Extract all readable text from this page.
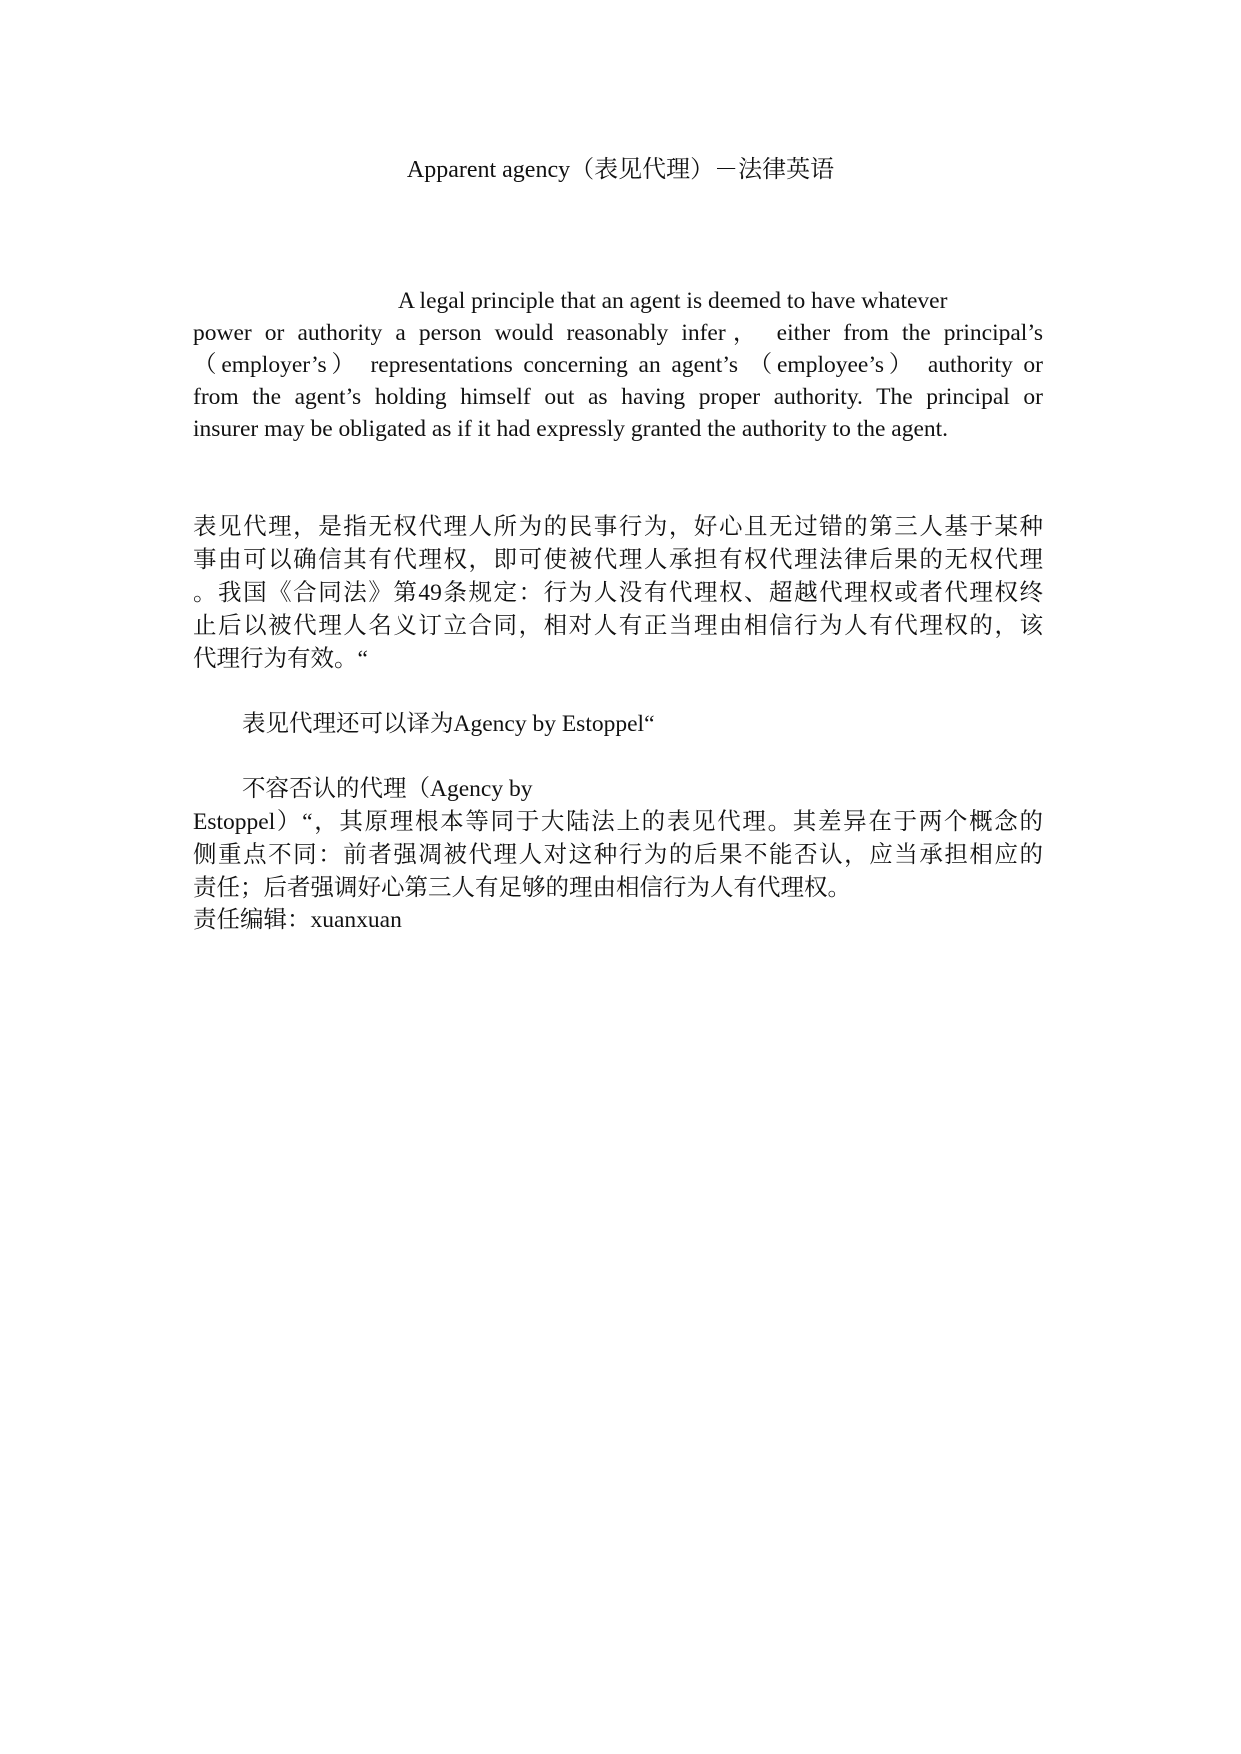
Apparent agency（表见代理）－法律英语
A legal principle that an agent is deemed to have whatever
power or authority a person would reasonably infer， either from the principal’s
（employer’s） representations concerning an agent’s （employee’s） authority or
from the agent’s holding himself out as having proper authority. The principal or
insurer may be obligated as if it had expressly granted the authority to the agent.
表见代理，是指无权代理人所为的民事行为，好心且无过错的第三人基于某种
事由可以确信其有代理权，即可使被代理人承担有权代理法律后果的无权代理
。我国《合同法》第49条规定：行为人没有代理权、超越代理权或者代理权终
止后以被代理人名义订立合同，相对人有正当理由相信行为人有代理权的，该
代理行为有效。“
表见代理还可以译为Agency by Estoppel“
不容否认的代理（Agency by
Estoppel）“，其原理根本等同于大陆法上的表见代理。其差异在于两个概念的
侧重点不同：前者强凋被代理人对这种行为的后果不能否认，应当承担相应的
责任；后者强调好心第三人有足够的理由相信行为人有代理权。
责任编辑：xuanxuan
